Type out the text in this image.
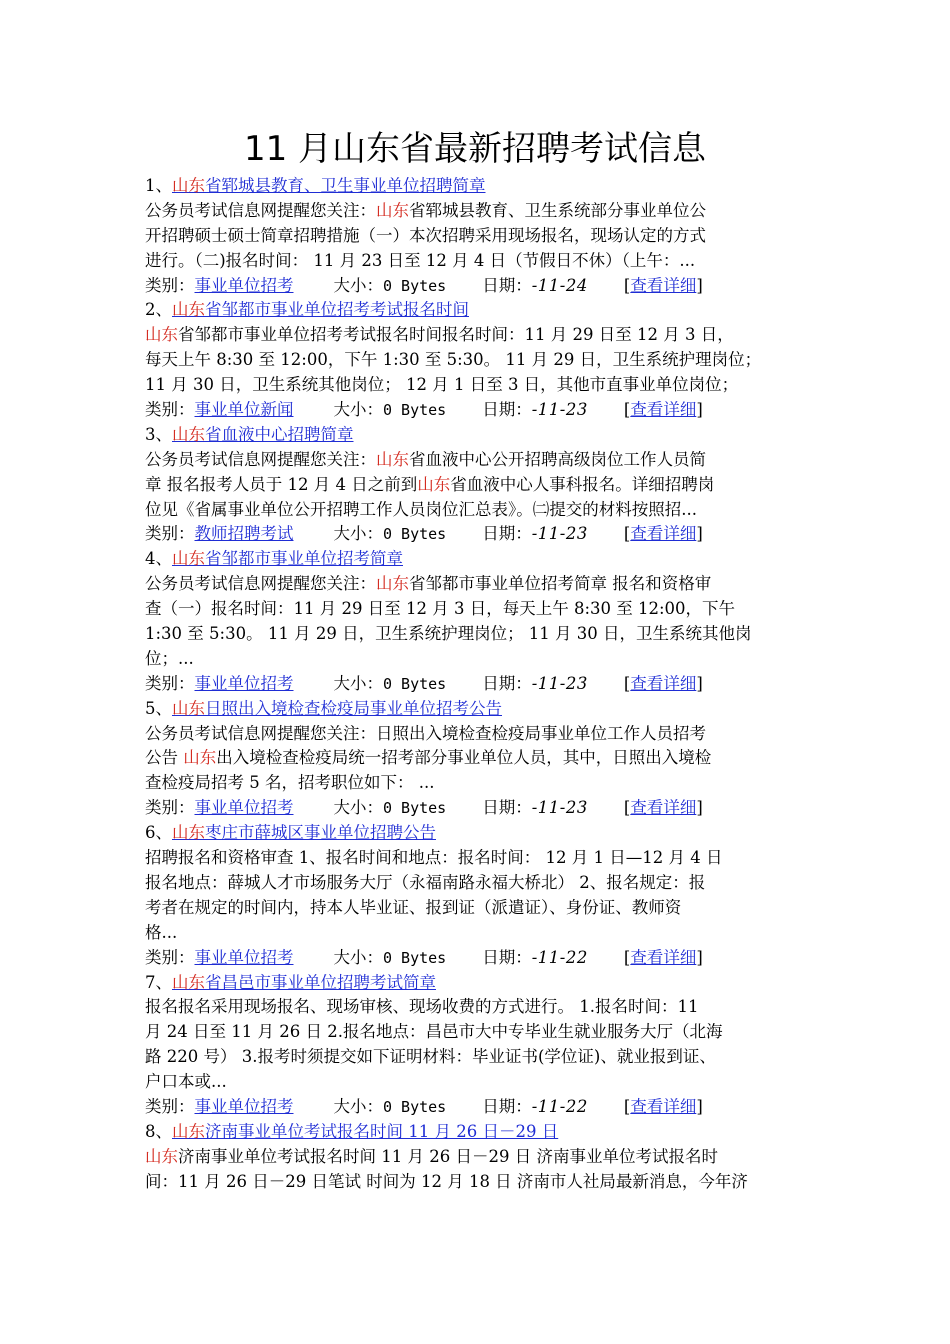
11 月山东省最新招聘考试信息
1、山东省郓城县教育、卫生事业单位招聘简章
公务员考试信息网提醒您关注：山东省郓城县教育、卫生系统部分事业单位公
开招聘硕士硕士简章招聘措施（一）本次招聘采用现场报名，现场认定的方式
进行。（二)报名时间： 11 月 23 日至 12 月 4 日（节假日不休）（上午：...
类别：事业单位招考 大小：0 Bytes 日期：-11-24 [查看详细]
2、山东省邹都市事业单位招考考试报名时间
山东省邹都市事业单位招考考试报名时间报名时间：11 月 29 日至 12 月 3 日，
每天上午 8:30 至 12:00，下午 1:30 至 5:30。 11 月 29 日，卫生系统护理岗位；
11 月 30 日，卫生系统其他岗位； 12 月 1 日至 3 日，其他市直事业单位岗位；
类别：事业单位新闻 大小：0 Bytes 日期：-11-23 [查看详细]
3、山东省血液中心招聘简章
公务员考试信息网提醒您关注：山东省血液中心公开招聘高级岗位工作人员简
章 报名报考人员于 12 月 4 日之前到山东省血液中心人事科报名。详细招聘岗
位见《省属事业单位公开招聘工作人员岗位汇总表》。㈡提交的材料按照招...
类别：教师招聘考试 大小：0 Bytes 日期：-11-23 [查看详细]
4、山东省邹都市事业单位招考简章
公务员考试信息网提醒您关注：山东省邹都市事业单位招考简章 报名和资格审
查（一）报名时间：11 月 29 日至 12 月 3 日，每天上午 8:30 至 12:00，下午
1:30 至 5:30。 11 月 29 日，卫生系统护理岗位； 11 月 30 日，卫生系统其他岗
位；...
类别：事业单位招考 大小：0 Bytes 日期：-11-23 [查看详细]
5、山东日照出入境检查检疫局事业单位招考公告
公务员考试信息网提醒您关注：日照出入境检查检疫局事业单位工作人员招考
公告 山东出入境检查检疫局统一招考部分事业单位人员，其中，日照出入境检
查检疫局招考 5 名，招考职位如下： ...
类别：事业单位招考 大小：0 Bytes 日期：-11-23 [查看详细]
6、山东枣庄市薛城区事业单位招聘公告
招聘报名和资格审查 1、报名时间和地点：报名时间： 12 月 1 日—12 月 4 日
报名地点：薛城人才市场服务大厅（永福南路永福大桥北） 2、报名规定：报
考者在规定的时间内，持本人毕业证、报到证（派遣证）、身份证、教师资
格...
类别：事业单位招考 大小：0 Bytes 日期：-11-22 [查看详细]
7、山东省昌邑市事业单位招聘考试简章
报名报名采用现场报名、现场审核、现场收费的方式进行。 1.报名时间：11
月 24 日至 11 月 26 日 2.报名地点：昌邑市大中专毕业生就业服务大厅（北海
路 220 号） 3.报考时须提交如下证明材料：毕业证书(学位证)、就业报到证、
户口本或...
类别：事业单位招考 大小：0 Bytes 日期：-11-22 [查看详细]
8、山东济南事业单位考试报名时间 11 月 26 日－29 日
山东济南事业单位考试报名时间 11 月 26 日－29 日 济南事业单位考试报名时
间：11 月 26 日－29 日笔试 时间为 12 月 18 日 济南市人社局最新消息，今年济
